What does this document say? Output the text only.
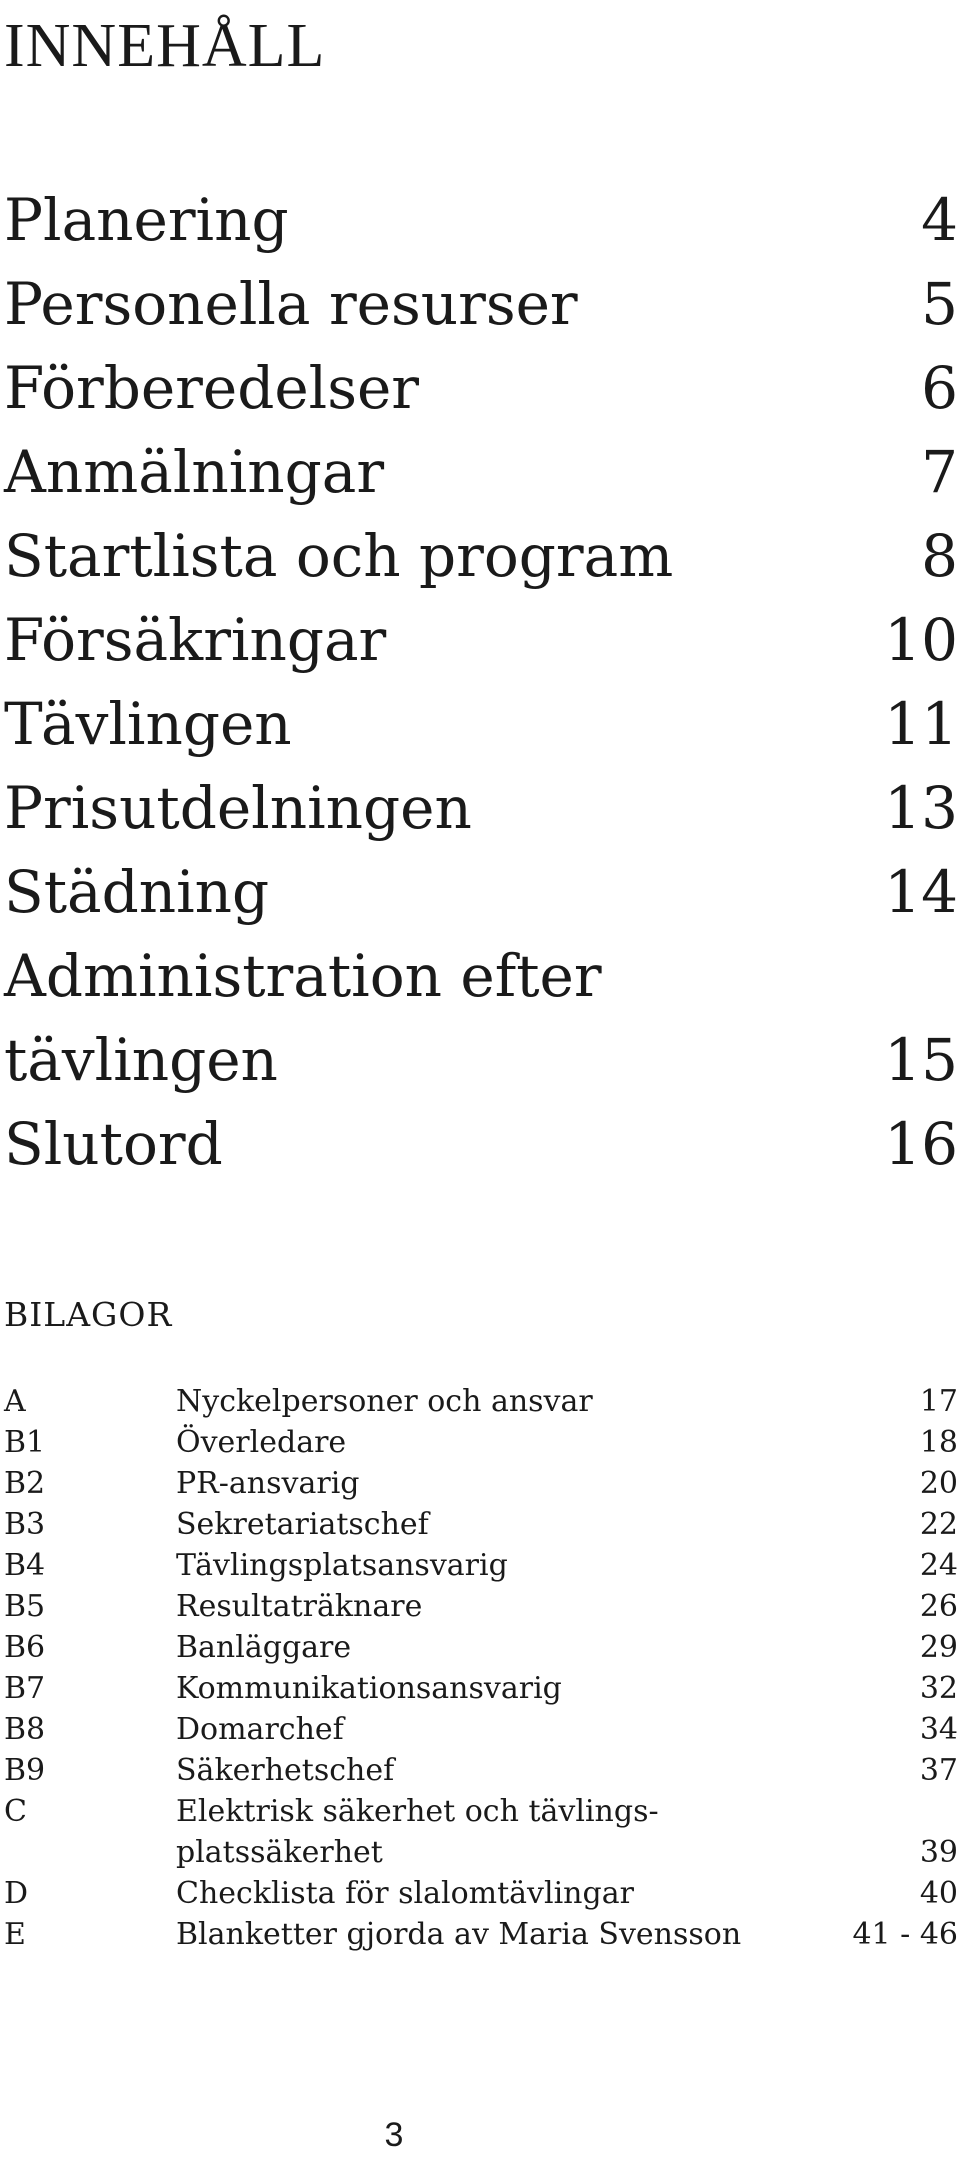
INNEHÅLL
Planering	4
Personella resurser	5
Förberedelser	6
Anmälningar	7
Startlista och program	8
Försäkringar	10
Tävlingen	11
Prisutdelningen	13
Städning	14
Administration efter
tävlingen	15
Slutord	16
BILAGOR
A	Nyckelpersoner och ansvar	17
B1	Överledare	18
B2	PR-ansvarig	20
B3	Sekretariatschef	22
B4	Tävlingsplatsansvarig	24
B5	Resultaträknare	26
B6	Banläggare	29
B7	Kommunikationsansvarig	32
B8	Domarchef	34
B9	Säkerhetschef	37
C	Elektrisk säkerhet och tävlings-
platssäkerhet	39
D	Checklista för slalomtävlingar	40
E	Blanketter gjorda av Maria Svensson	41 - 46
3
